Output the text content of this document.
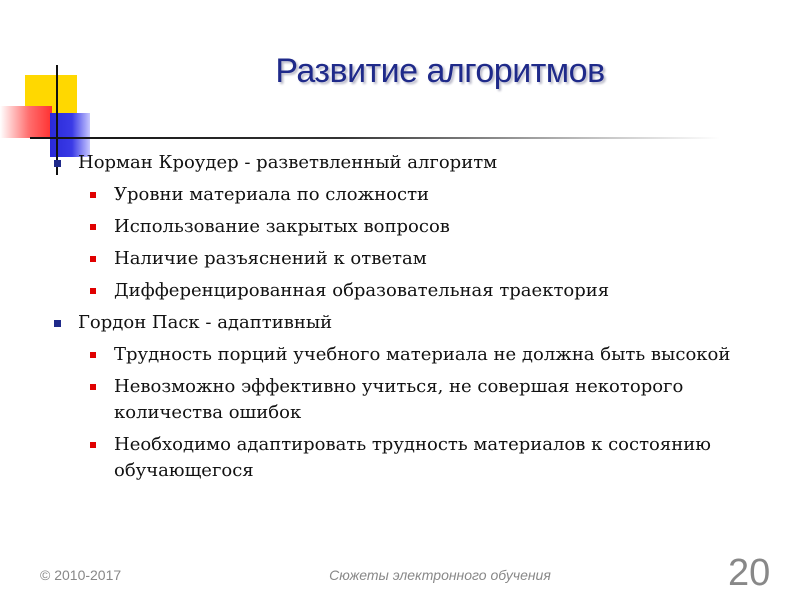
Развитие алгоритмов

Норман Кроудер - разветвленный алгоритм

Уровни материала по сложности

Использование закрытых вопросов

Наличие разъяснений к ответам

Дифференцированная образовательная траектория

Гордон Паск - адаптивный

Трудность порций учебного материала не должна быть высокой

Невозможно эффективно учиться, не совершая некоторого количества ошибок

Необходимо адаптировать трудность материалов к состоянию обучающегося

© 2010-2017	Сюжеты электронного обучения	20
